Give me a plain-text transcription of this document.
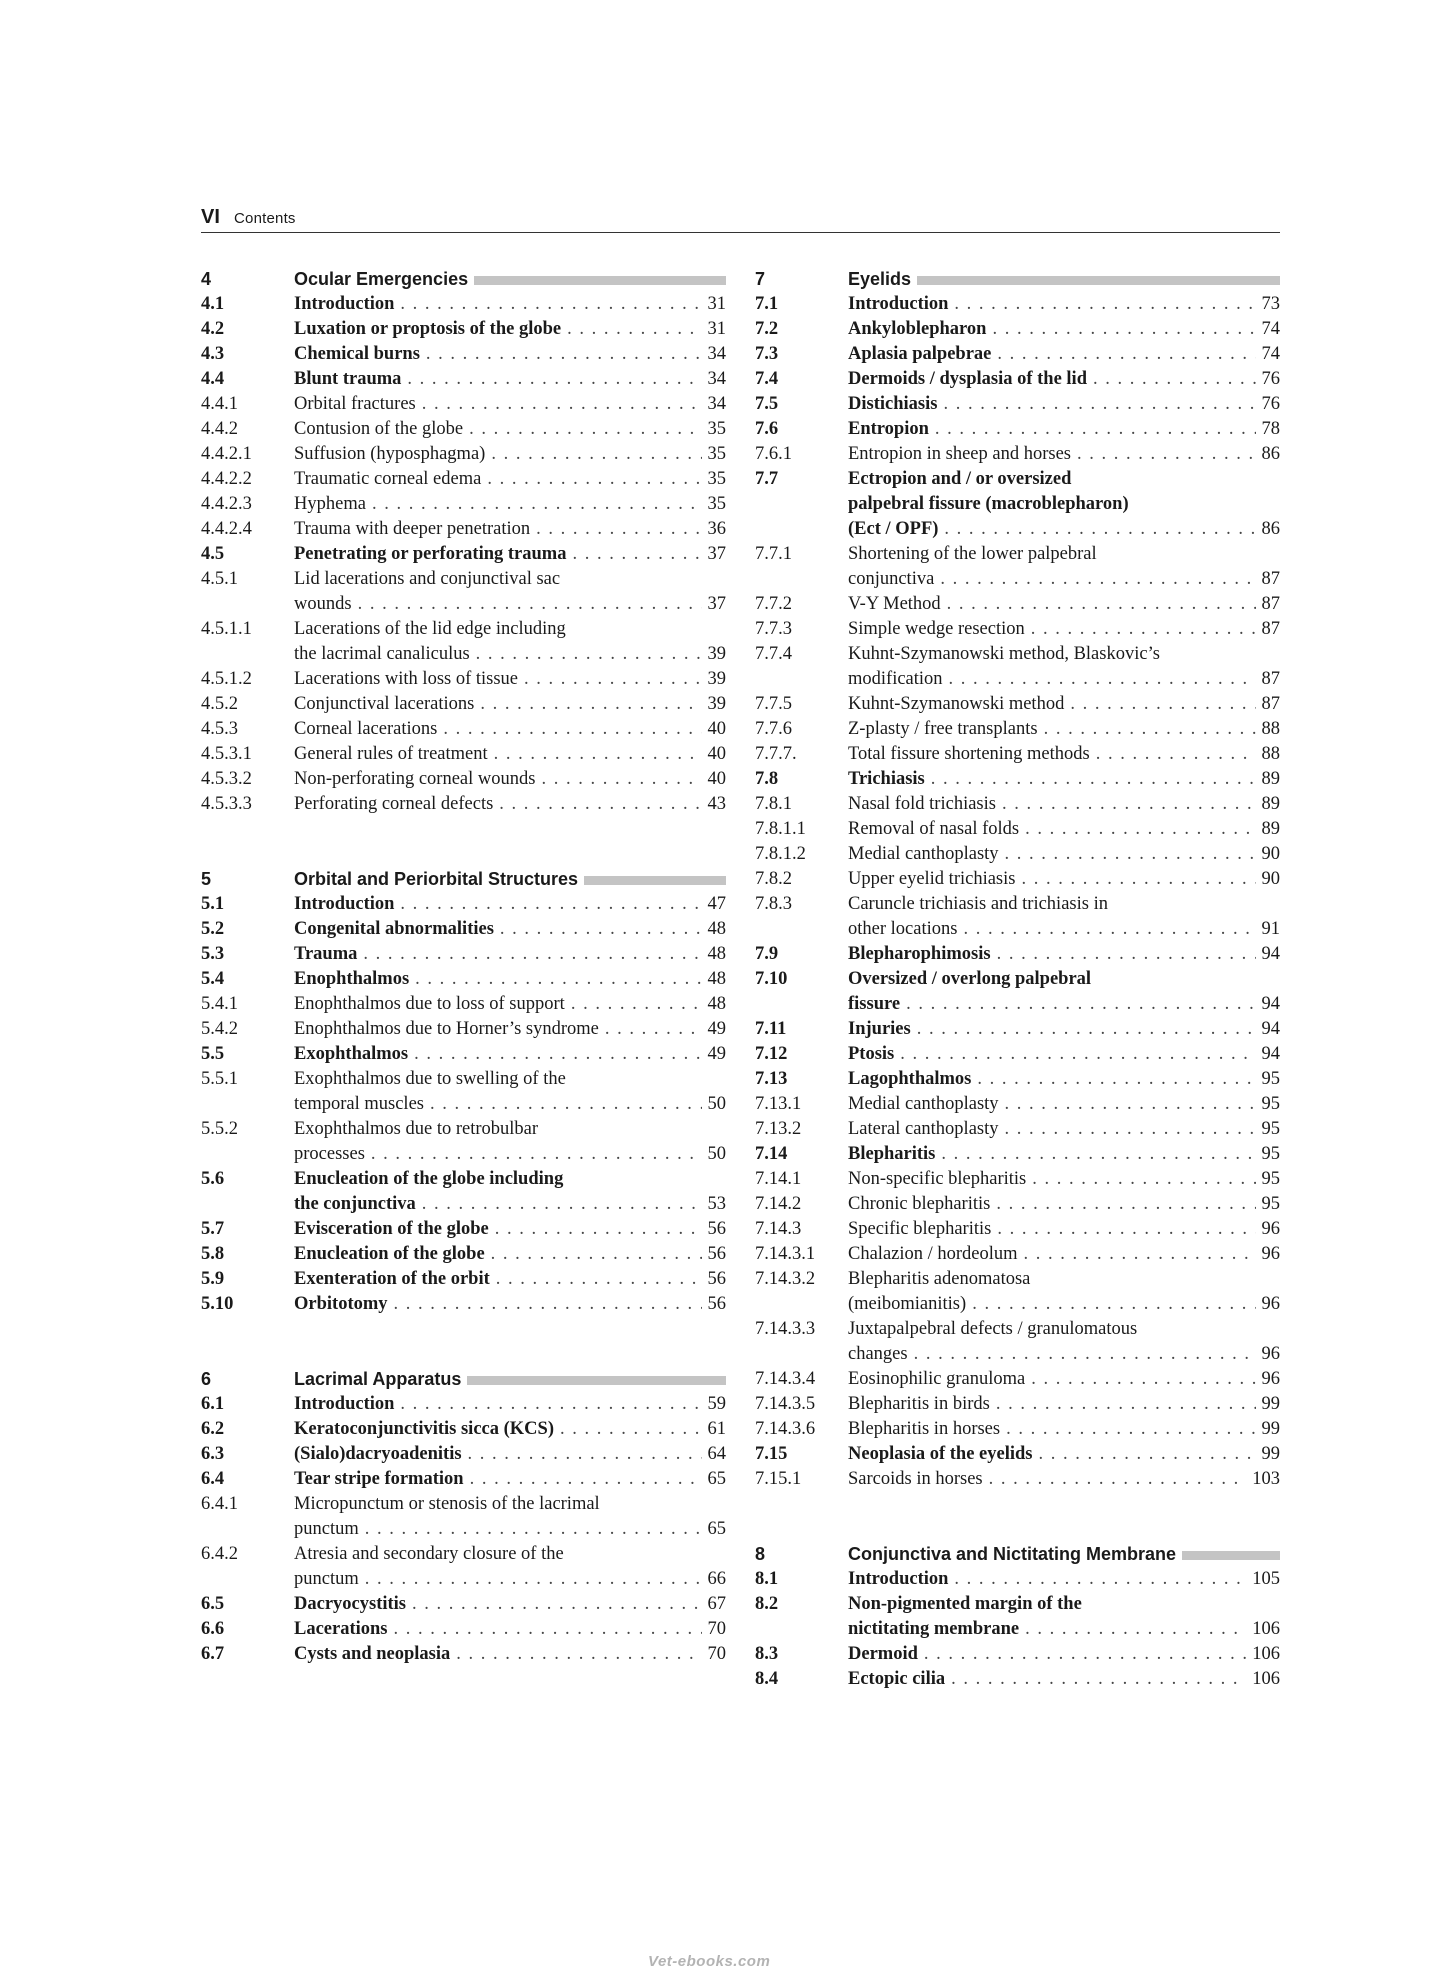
VI Contents
4	Ocular Emergencies
4.1	Introduction . . .	31
4.2	Luxation or proptosis of the globe . . .	31
4.3	Chemical burns . . .	34
4.4	Blunt trauma . . .	34
4.4.1	Orbital fractures . . .	34
4.4.2	Contusion of the globe . . .	35
4.4.2.1 Suffusion (hyposphagma) . . .	35
4.4.2.2 Traumatic corneal edema . . .	35
4.4.2.3 Hyphema . . .	35
4.4.2.4 Trauma with deeper penetration . . .	36
4.5	Penetrating or perforating trauma . . .	37
4.5.1	Lid lacerations and conjunctival sac
wounds . . .	37
4.5.1.1 Lacerations of the lid edge including
the lacrimal canaliculus . . .	39
4.5.1.2 Lacerations with loss of tissue . . .	39
4.5.2	Conjunctival lacerations . . .	39
4.5.3	Corneal lacerations . . .	40
4.5.3.1 General rules of treatment . . .	40
4.5.3.2 Non-perforating corneal wounds . . .	40
4.5.3.3 Perforating corneal defects . . .	43
5	Orbital and Periorbital Structures
5.1	Introduction . . .	47
5.2	Congenital abnormalities . . .	48
5.3	Trauma . . .	48
5.4	Enophthalmos . . .	48
5.4.1	Enophthalmos due to loss of support . . .	48
5.4.2	Enophthalmos due to Horner’s syndrome . . .	49
5.5	Exophthalmos . . .	49
5.5.1	Exophthalmos due to swelling of the
temporal muscles . . .	50
5.5.2	Exophthalmos due to retrobulbar
processes . . .	50
5.6	Enucleation of the globe including
the conjunctiva . . .	53
5.7	Evisceration of the globe . . .	56
5.8	Enucleation of the globe . . .	56
5.9	Exenteration of the orbit . . .	56
5.10	Orbitotomy . . .	56
6	Lacrimal Apparatus
6.1	Introduction . . .	59
6.2	Keratoconjunctivitis sicca (KCS) . . .	61
6.3	(Sialo)dacryoadenitis . . .	64
6.4	Tear stripe formation . . .	65
6.4.1	Micropunctum or stenosis of the lacrimal
punctum . . .	65
6.4.2	Atresia and secondary closure of the
punctum . . .	66
6.5	Dacryocystitis . . .	67
6.6	Lacerations . . .	70
6.7	Cysts and neoplasia . . .	70
7	Eyelids
7.1	Introduction . . .	73
7.2	Ankyloblepharon . . .	74
7.3	Aplasia palpebrae . . .	74
7.4	Dermoids / dysplasia of the lid . . .	76
7.5	Distichiasis . . .	76
7.6	Entropion . . .	78
7.6.1	Entropion in sheep and horses . . .	86
7.7	Ectropion and / or oversized
palpebral fissure (macroblepharon)
(Ect / OPF) . . .	86
7.7.1	Shortening of the lower palpebral
conjunctiva . . .	87
7.7.2	V-Y Method . . .	87
7.7.3	Simple wedge resection . . .	87
7.7.4	Kuhnt-Szymanowski method, Blaskovic’s
modification . . .	87
7.7.5	Kuhnt-Szymanowski method . . .	87
7.7.6	Z-plasty / free transplants . . .	88
7.7.7.	Total fissure shortening methods . . .	88
7.8	Trichiasis . . .	89
7.8.1	Nasal fold trichiasis . . .	89
7.8.1.1 Removal of nasal folds . . .	89
7.8.1.2 Medial canthoplasty . . .	90
7.8.2	Upper eyelid trichiasis . . .	90
7.8.3	Caruncle trichiasis and trichiasis in
other locations . . .	91
7.9	Blepharophimosis . . .	94
7.10	Oversized / overlong palpebral
fissure . . .	94
7.11	Injuries . . .	94
7.12	Ptosis . . .	94
7.13	Lagophthalmos . . .	95
7.13.1	Medial canthoplasty . . .	95
7.13.2	Lateral canthoplasty . . .	95
7.14	Blepharitis . . .	95
7.14.1	Non-specific blepharitis . . .	95
7.14.2	Chronic blepharitis . . .	95
7.14.3	Specific blepharitis . . .	96
7.14.3.1 Chalazion / hordeolum . . .	96
7.14.3.2 Blepharitis adenomatosa
(meibomianitis) . . .	96
7.14.3.3 Juxtapalpebral defects / granulomatous
changes . . .	96
7.14.3.4 Eosinophilic granuloma . . .	96
7.14.3.5 Blepharitis in birds . . .	99
7.14.3.6 Blepharitis in horses . . .	99
7.15	Neoplasia of the eyelids . . .	99
7.15.1	Sarcoids in horses . . .	103
8	Conjunctiva and Nictitating Membrane
8.1	Introduction . . .	105
8.2	Non-pigmented margin of the
nictitating membrane . . .	106
8.3	Dermoid . . .	106
8.4	Ectopic cilia . . .	106
Vet-ebooks.com
